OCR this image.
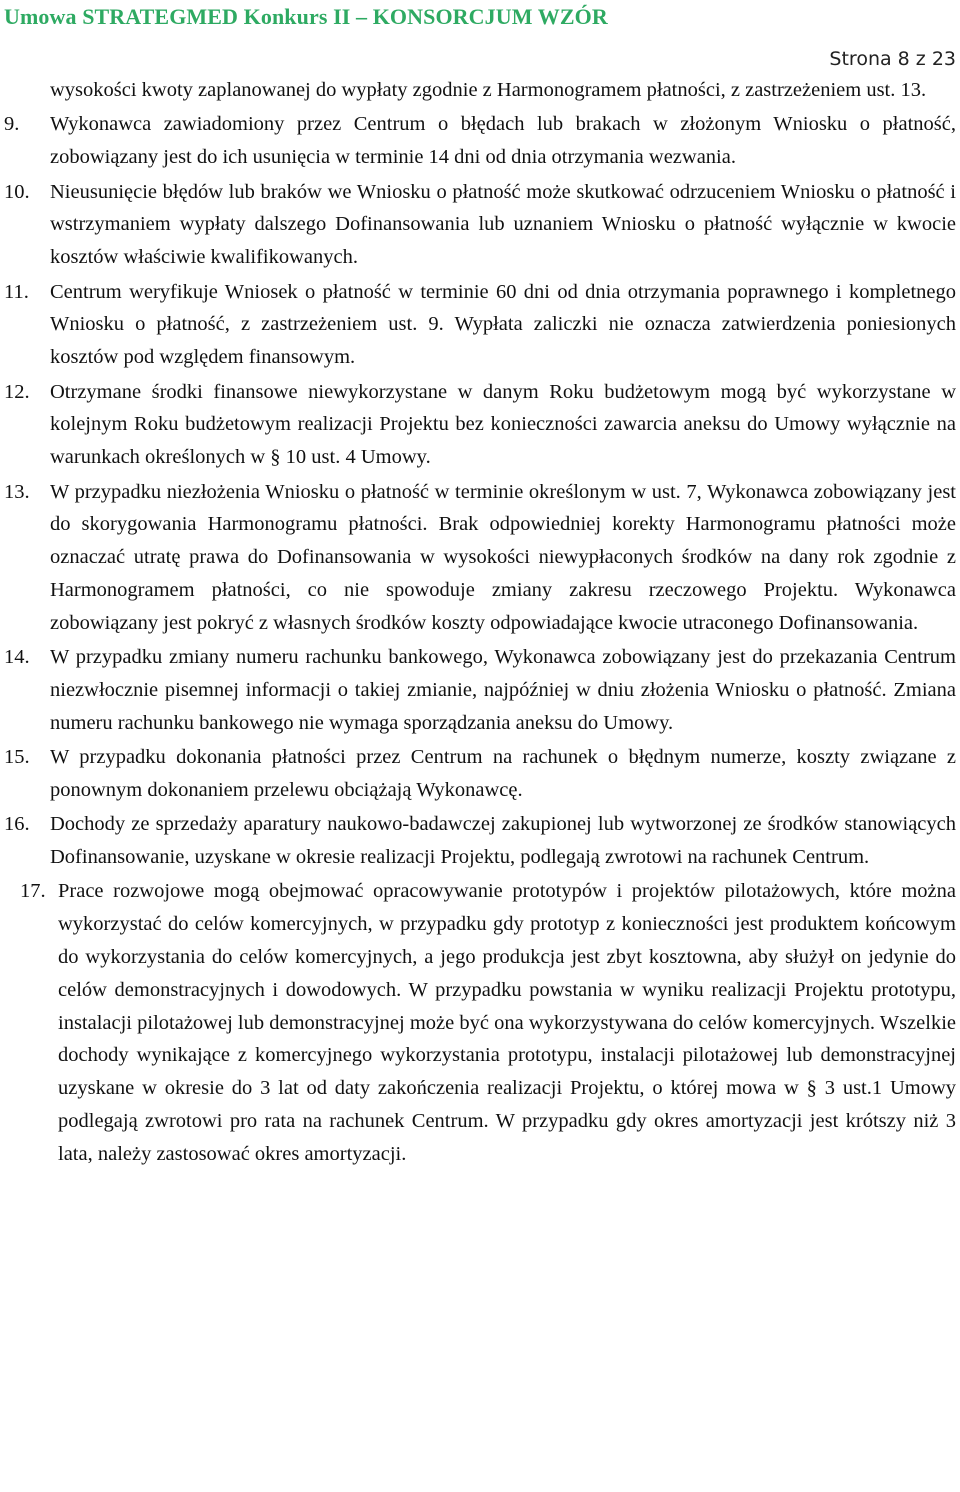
Umowa STRATEGMED Konkurs II – KONSORCJUM WZÓR
Strona 8 z 23
wysokości kwoty zaplanowanej do wypłaty zgodnie z Harmonogramem płatności, z zastrzeżeniem ust. 13.
9. Wykonawca zawiadomiony przez Centrum o błędach lub brakach w złożonym Wniosku o płatność, zobowiązany jest do ich usunięcia w terminie 14 dni od dnia otrzymania wezwania.
10. Nieusunięcie błędów lub braków we Wniosku o płatność może skutkować odrzuceniem Wniosku o płatność i wstrzymaniem wypłaty dalszego Dofinansowania lub uznaniem Wniosku o płatność wyłącznie w kwocie kosztów właściwie kwalifikowanych.
11. Centrum weryfikuje Wniosek o płatność w terminie 60 dni od dnia otrzymania poprawnego i kompletnego Wniosku o płatność, z zastrzeżeniem ust. 9. Wypłata zaliczki nie oznacza zatwierdzenia poniesionych kosztów pod względem finansowym.
12. Otrzymane środki finansowe niewykorzystane w danym Roku budżetowym mogą być wykorzystane w kolejnym Roku budżetowym realizacji Projektu bez konieczności zawarcia aneksu do Umowy wyłącznie na warunkach określonych w § 10 ust. 4 Umowy.
13. W przypadku niezłożenia Wniosku o płatność w terminie określonym w ust. 7, Wykonawca zobowiązany jest do skorygowania Harmonogramu płatności. Brak odpowiedniej korekty Harmonogramu płatności może oznaczać utratę prawa do Dofinansowania w wysokości niewypłaconych środków na dany rok zgodnie z Harmonogramem płatności, co nie spowoduje zmiany zakresu rzeczowego Projektu. Wykonawca zobowiązany jest pokryć z własnych środków koszty odpowiadające kwocie utraconego Dofinansowania.
14. W przypadku zmiany numeru rachunku bankowego, Wykonawca zobowiązany jest do przekazania Centrum niezwłocznie pisemnej informacji o takiej zmianie, najpóźniej w dniu złożenia Wniosku o płatność. Zmiana numeru rachunku bankowego nie wymaga sporządzania aneksu do Umowy.
15. W przypadku dokonania płatności przez Centrum na rachunek o błędnym numerze, koszty związane z ponownym dokonaniem przelewu obciążają Wykonawcę.
16. Dochody ze sprzedaży aparatury naukowo-badawczej zakupionej lub wytworzonej ze środków stanowiących Dofinansowanie, uzyskane w okresie realizacji Projektu, podlegają zwrotowi na rachunek Centrum.
17. Prace rozwojowe mogą obejmować opracowywanie prototypów i projektów pilotażowych, które można wykorzystać do celów komercyjnych, w przypadku gdy prototyp z konieczności jest produktem końcowym do wykorzystania do celów komercyjnych, a jego produkcja jest zbyt kosztowna, aby służył on jedynie do celów demonstracyjnych i dowodowych. W przypadku powstania w wyniku realizacji Projektu prototypu, instalacji pilotażowej lub demonstracyjnej może być ona wykorzystywana do celów komercyjnych. Wszelkie dochody wynikające z komercyjnego wykorzystania prototypu, instalacji pilotażowej lub demonstracyjnej uzyskane w okresie do 3 lat od daty zakończenia realizacji Projektu, o której mowa w § 3 ust.1 Umowy podlegają zwrotowi pro rata na rachunek Centrum. W przypadku gdy okres amortyzacji jest krótszy niż 3 lata, należy zastosować okres amortyzacji.
